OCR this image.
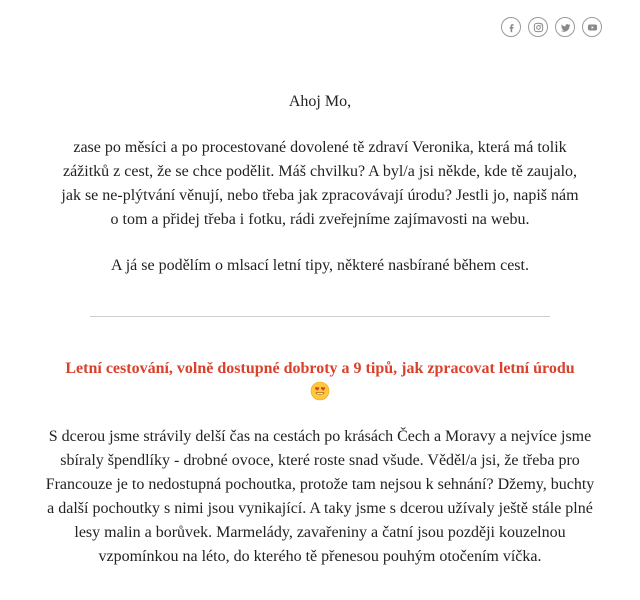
Ahoj Mo,
zase po měsíci a po procestované dovolené tě zdraví Veronika, která má tolik
zážitků z cest, že se chce podělit. Máš chvilku? A byl/a jsi někde, kde tě zaujalo,
jak se ne-plýtvání věnují, nebo třeba jak zpracovávají úrodu? Jestli jo, napiš nám
o tom a přidej třeba i fotku, rádi zveřejníme zajímavosti na webu.
A já se podělím o mlsací letní tipy, některé nasbírané během cest.
Letní cestování, volně dostupné dobroty a 9 tipů, jak zpracovat letní úrodu
S dcerou jsme strávily delší čas na cestách po krásách Čech a Moravy a nejvíce jsme
sbíraly špendlíky - drobné ovoce, které roste snad všude. Věděl/a jsi, že třeba pro
Francouze je to nedostupná pochoutka, protože tam nejsou k sehnání? Džemy, buchty
a další pochoutky s nimi jsou vynikající. A taky jsme s dcerou užívaly ještě stále plné
lesy malin a borůvek. Marmelády, zavařeniny a čatní jsou později kouzelnou
vzpomínkou na léto, do kterého tě přenesou pouhým otočením víčka.
